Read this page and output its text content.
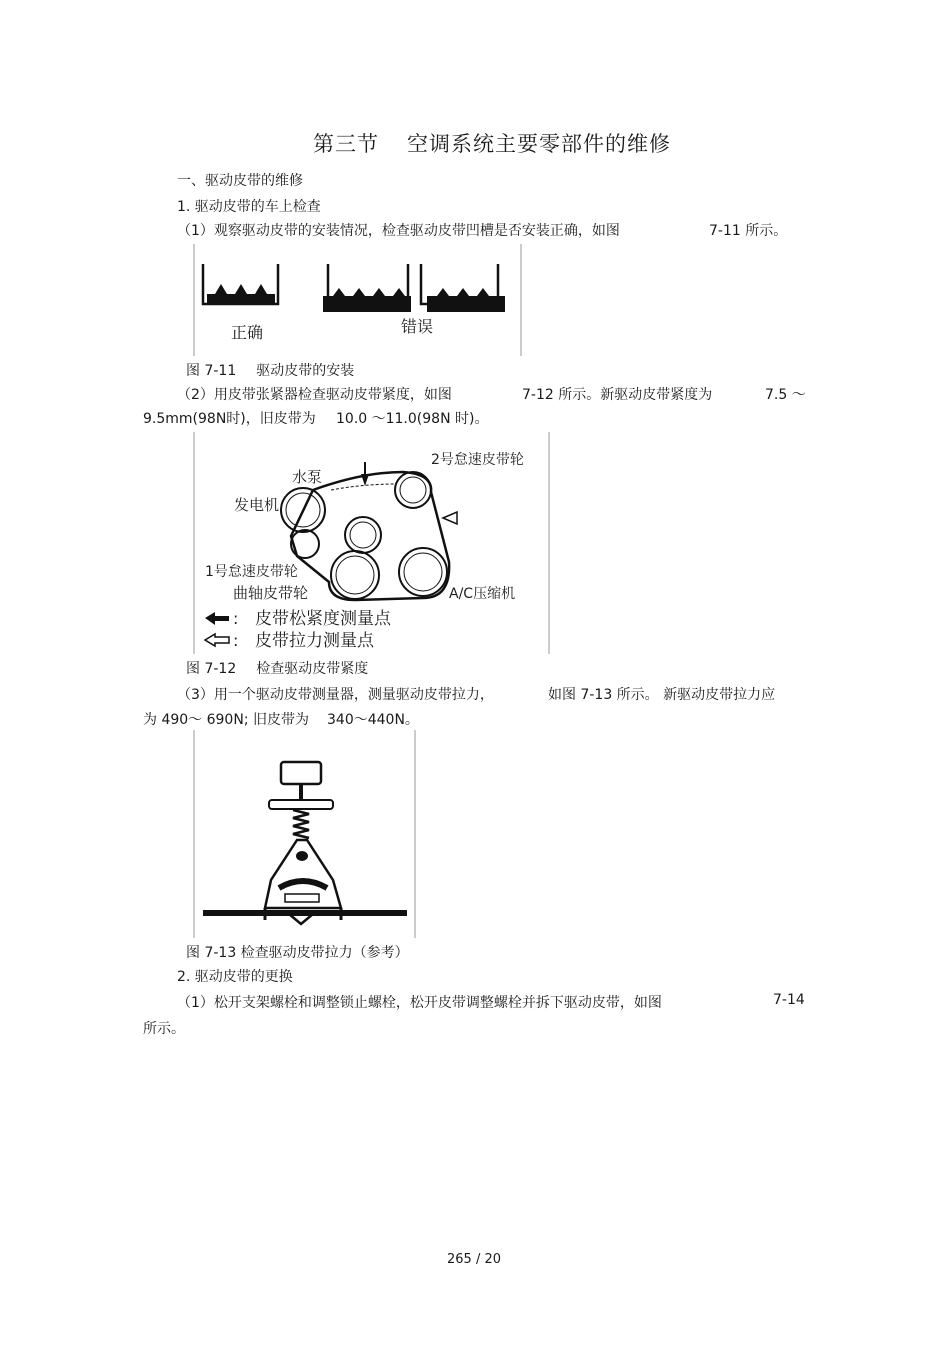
第三节 空调系统主要零部件的维修
一、驱动皮带的维修
1. 驱动皮带的车上检查
（1）观察驱动皮带的安装情况，检查驱动皮带凹槽是否安装正确，如图	7-11 所示。
正确	错误
图 7-11 驱动皮带的安装
（2）用皮带张紧器检查驱动皮带紧度，如图	7-12 所示。新驱动皮带紧度为	7.5 ～
9.5mm(98N时)，旧皮带为 10.0 ～11.0(98N 时)。
2号怠速皮带轮
水泵
发电机
1号怠速皮带轮
曲轴皮带轮	A/C压缩机
: 皮带松紧度测量点
: 皮带拉力测量点
图 7-12 检查驱动皮带紧度
（3）用一个驱动皮带测量器，测量驱动皮带拉力，	如图 7-13 所示。 新驱动皮带拉力应
为 490～ 690N; 旧皮带为 340～440N。
图 7-13 检查驱动皮带拉力（参考）
2. 驱动皮带的更换
（1）松开支架螺栓和调整锁止螺栓，松开皮带调整螺栓并拆下驱动皮带，如图	7-14
所示。
265 / 20
